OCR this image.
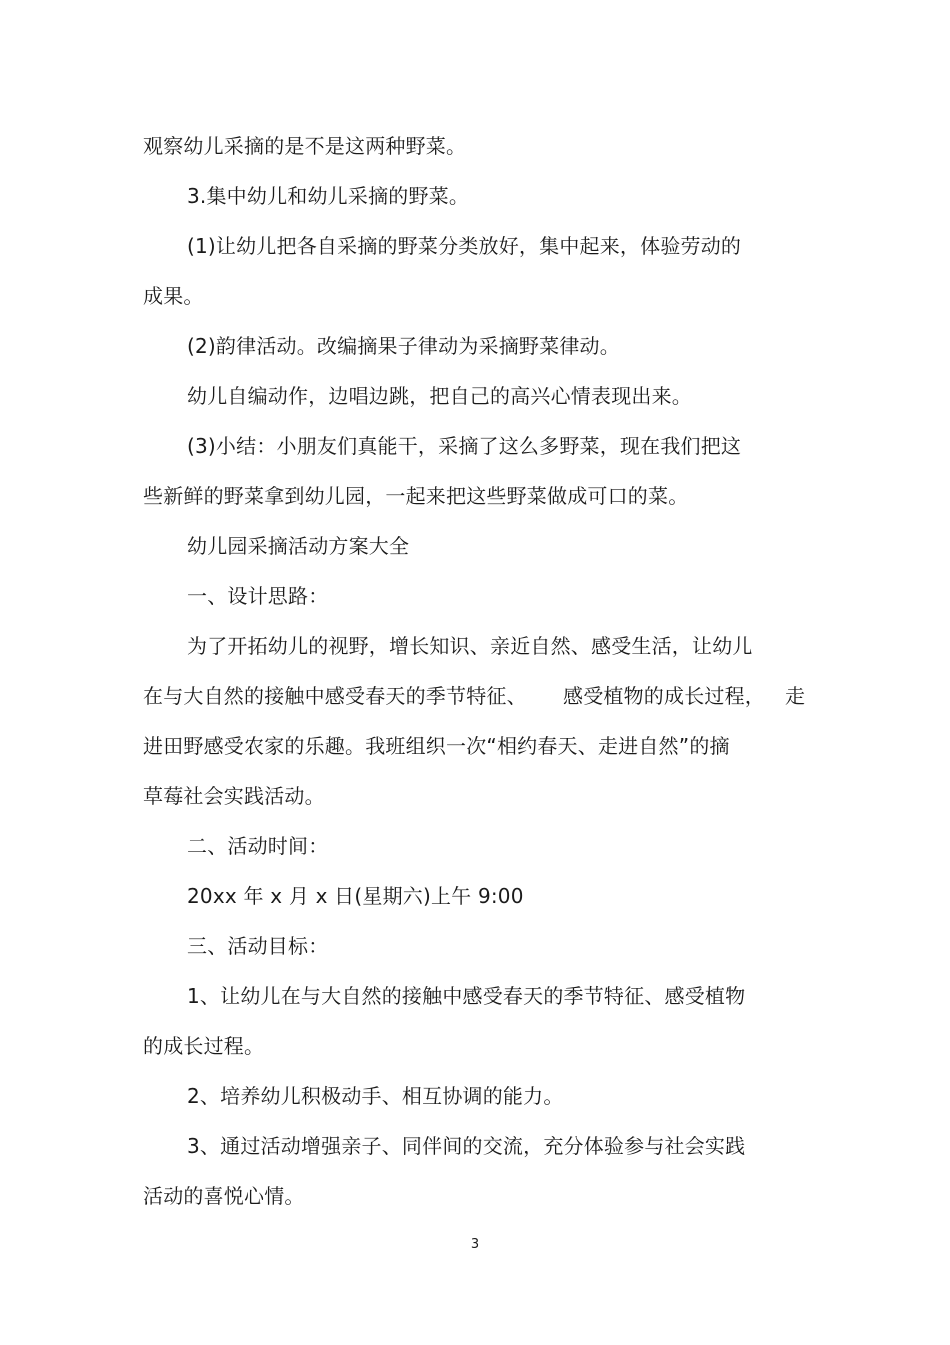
观察幼儿采摘的是不是这两种野菜。
3.集中幼儿和幼儿采摘的野菜。
(1)让幼儿把各自采摘的野菜分类放好，集中起来，体验劳动的
成果。
(2)韵律活动。改编摘果子律动为采摘野菜律动。
幼儿自编动作，边唱边跳，把自己的高兴心情表现出来。
(3)小结：小朋友们真能干，采摘了这么多野菜，现在我们把这
些新鲜的野菜拿到幼儿园，一起来把这些野菜做成可口的菜。
幼儿园采摘活动方案大全
一、设计思路：
为了开拓幼儿的视野，增长知识、亲近自然、感受生活，让幼儿
在与大自然的接触中感受春天的季节特征、 感受植物的成长过程， 走
进田野感受农家的乐趣。我班组织一次“相约春天、走进自然”的摘
草莓社会实践活动。
二、活动时间：
20xx 年 x 月 x 日(星期六)上午 9:00
三、活动目标：
1、让幼儿在与大自然的接触中感受春天的季节特征、感受植物
的成长过程。
2、培养幼儿积极动手、相互协调的能力。
3、通过活动增强亲子、同伴间的交流，充分体验参与社会实践
活动的喜悦心情。
3
